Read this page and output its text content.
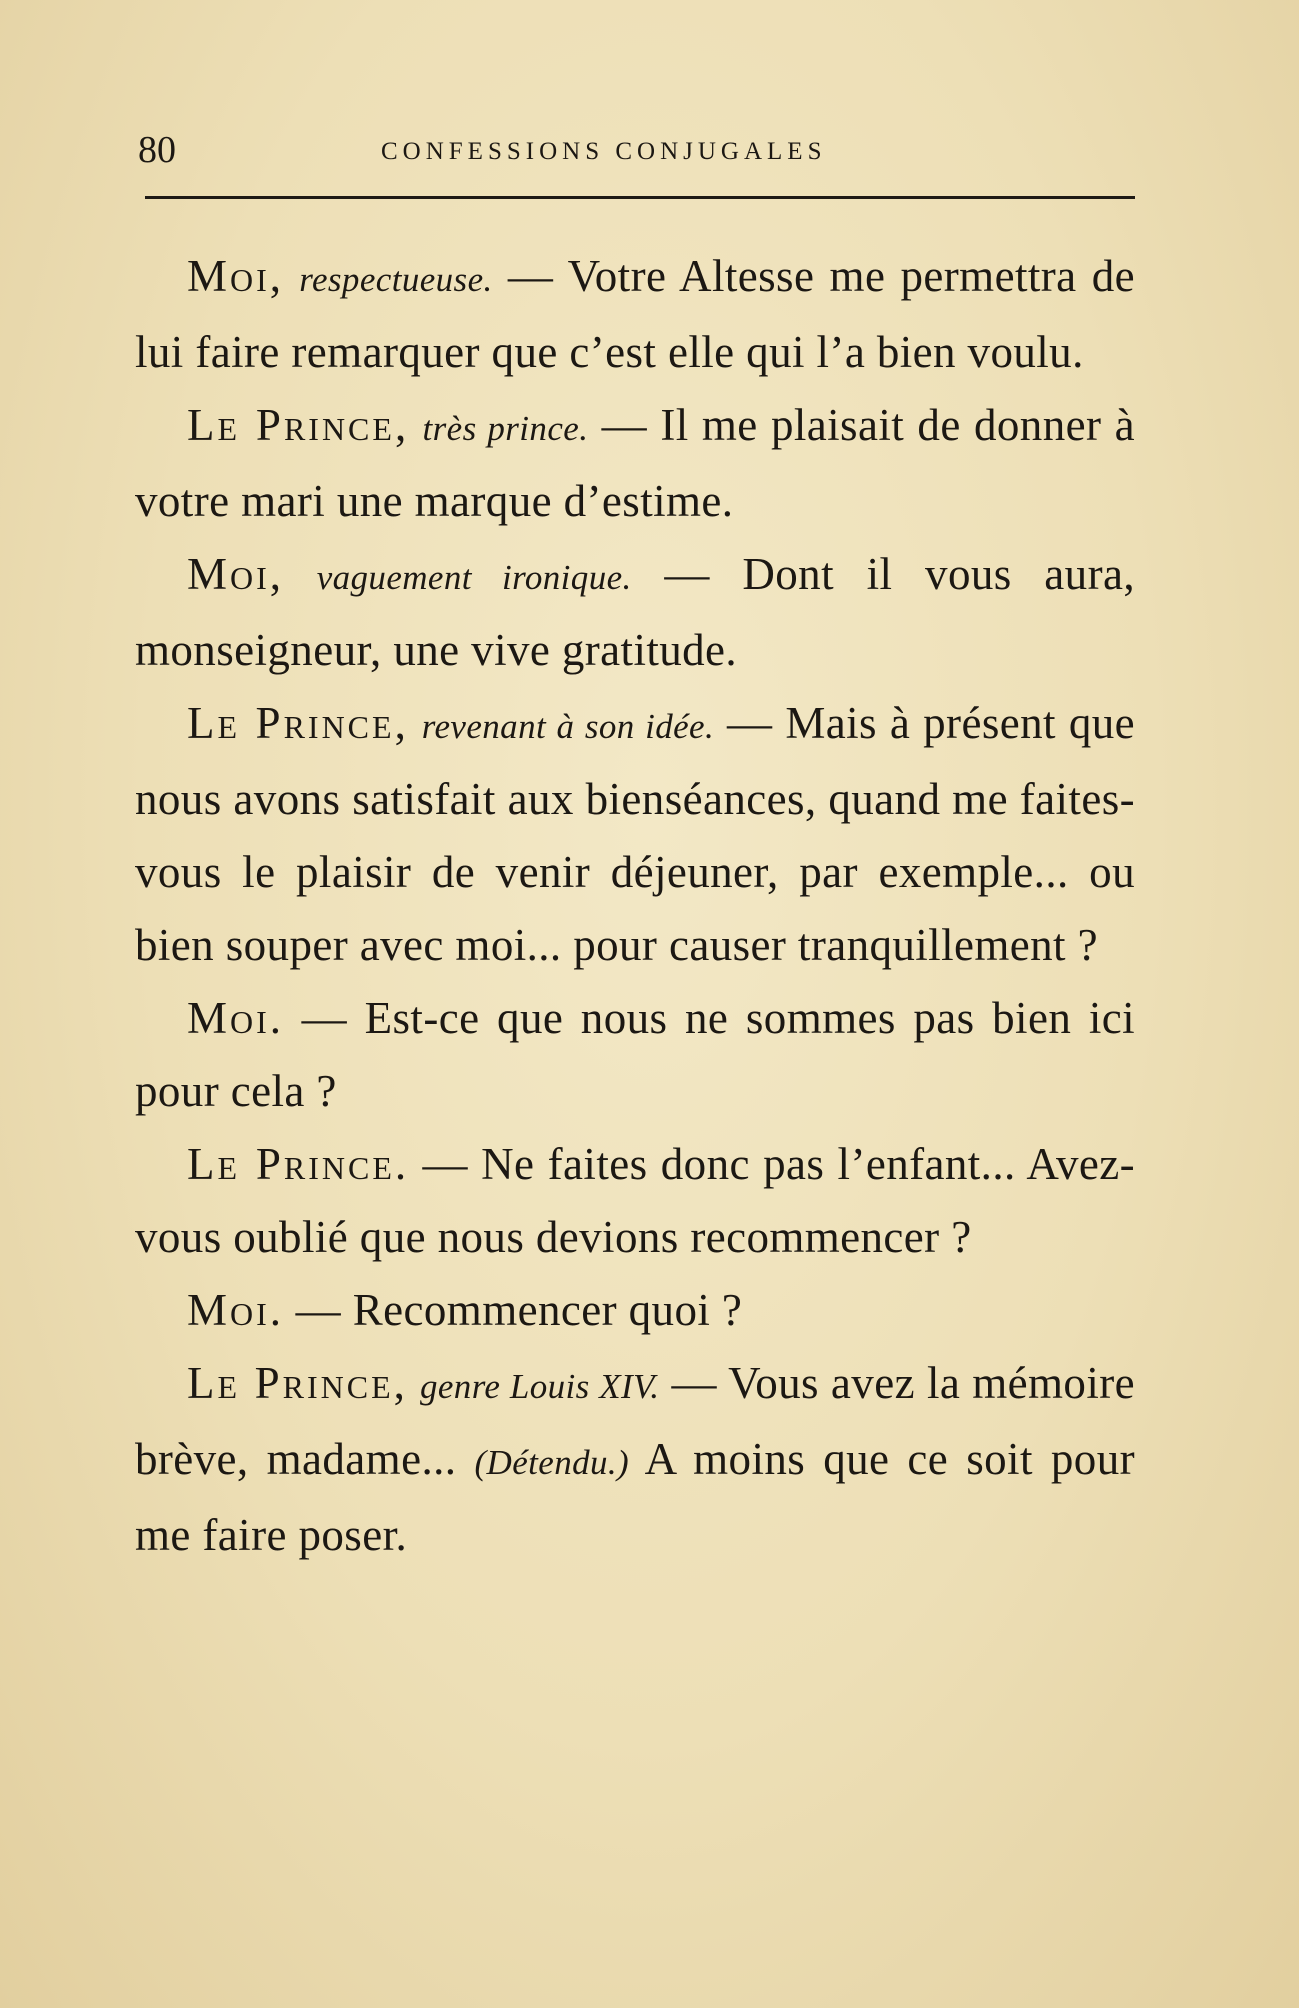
80	CONFESSIONS CONJUGALES

Moi, respectueuse. — Votre Altesse me permettra de lui faire remarquer que c’est elle qui l’a bien voulu.

Le Prince, très prince. — Il me plaisait de donner à votre mari une marque d’estime.

Moi, vaguement ironique. — Dont il vous aura, monseigneur, une vive gratitude.

Le Prince, revenant à son idée. — Mais à présent que nous avons satisfait aux bienséances, quand me faites-vous le plaisir de venir déjeuner, par exemple... ou bien souper avec moi... pour causer tranquillement ?

Moi. — Est-ce que nous ne sommes pas bien ici pour cela ?

Le Prince. — Ne faites donc pas l’enfant... Avez-vous oublié que nous devions recommencer ?

Moi. — Recommencer quoi ?

Le Prince, genre Louis XIV. — Vous avez la mémoire brève, madame... (Détendu.) A moins que ce soit pour me faire poser.
